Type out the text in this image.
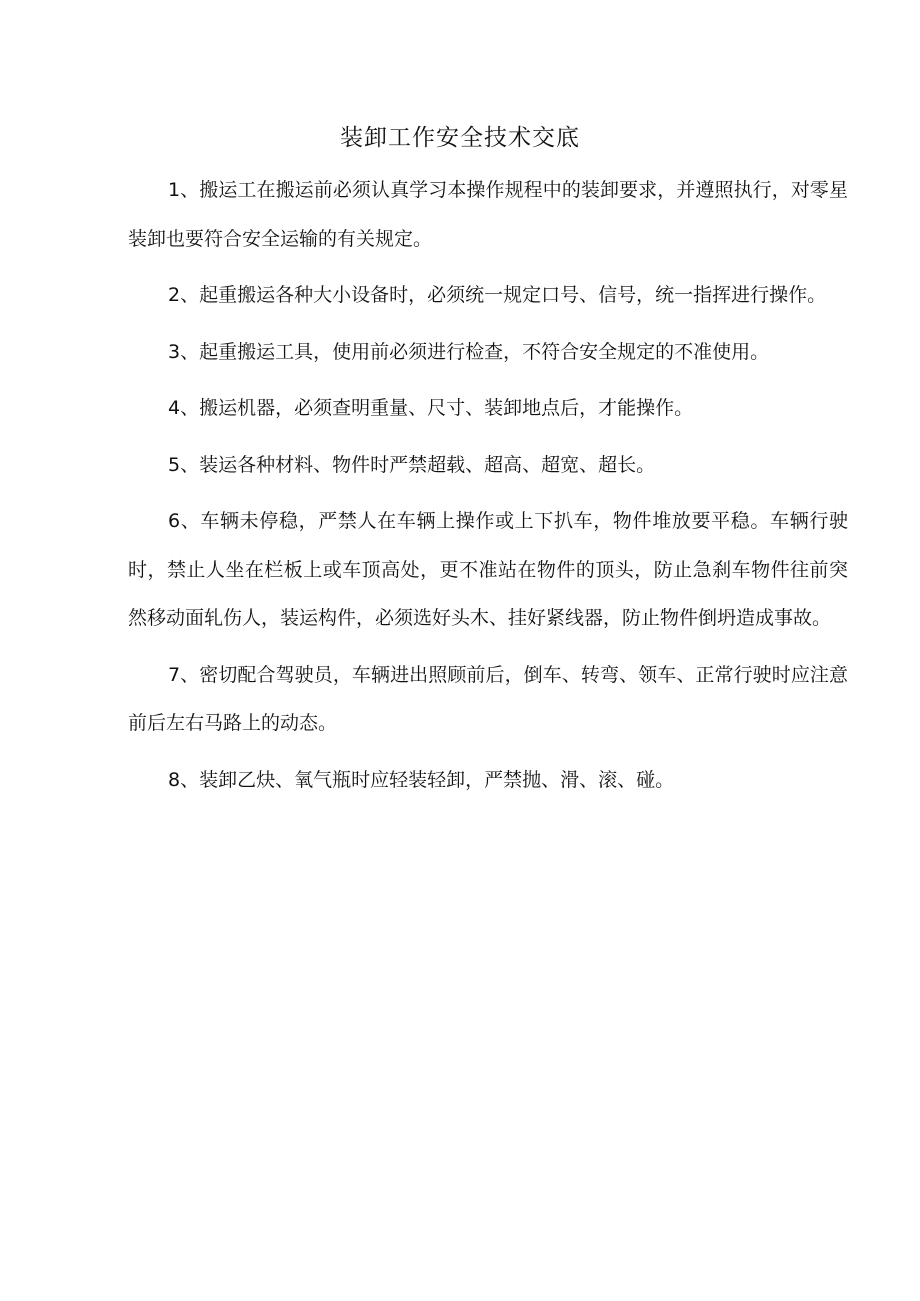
装卸工作安全技术交底

1、搬运工在搬运前必须认真学习本操作规程中的装卸要求，并遵照执行，对零星装卸也要符合安全运输的有关规定。

2、起重搬运各种大小设备时，必须统一规定口号、信号，统一指挥进行操作。

3、起重搬运工具，使用前必须进行检查，不符合安全规定的不准使用。

4、搬运机器，必须查明重量、尺寸、装卸地点后，才能操作。

5、装运各种材料、物件时严禁超载、超高、超宽、超长。

6、车辆未停稳，严禁人在车辆上操作或上下扒车，物件堆放要平稳。车辆行驶时，禁止人坐在栏板上或车顶高处，更不准站在物件的顶头，防止急刹车物件往前突然移动面轧伤人，装运构件，必须选好头木、挂好紧线器，防止物件倒坍造成事故。

7、密切配合驾驶员，车辆进出照顾前后，倒车、转弯、领车、正常行驶时应注意前后左右马路上的动态。

8、装卸乙炔、氧气瓶时应轻装轻卸，严禁抛、滑、滚、碰。
